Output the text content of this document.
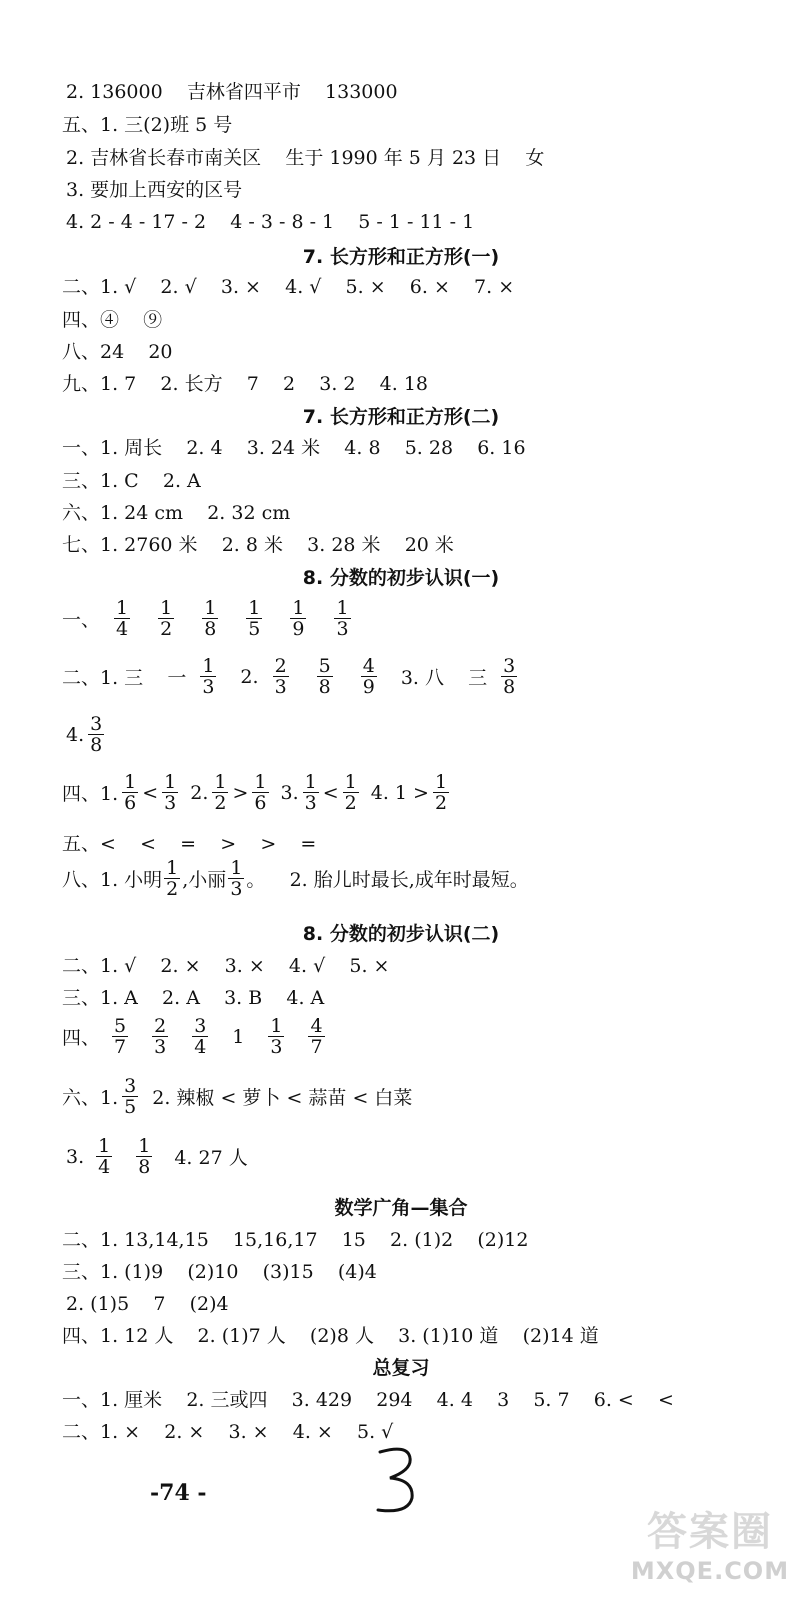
2. 136000    吉林省四平市    133000
五、1. 三(2)班 5 号
2. 吉林省长春市南关区    生于 1990 年 5 月 23 日    女
3. 要加上西安的区号
4. 2 - 4 - 17 - 2    4 - 3 - 8 - 1    5 - 1 - 11 - 1
7. 长方形和正方形(一)
二、1. √    2. √    3. ×    4. √    5. ×    6. ×    7. ×
四、④    ⑨
八、24    20
九、1. 7    2. 长方    7    2    3. 2    4. 18
7. 长方形和正方形(二)
一、1. 周长    2. 4    3. 24 米    4. 8    5. 28    6. 16
三、1. C    2. A
六、1. 24 cm    2. 32 cm
七、1. 2760 米    2. 8 米    3. 28 米    20 米
8. 分数的初步认识(一)
一、 $\frac{1}{4} \frac{1}{2} \frac{1}{8} \frac{1}{5} \frac{1}{9} \frac{1}{3}$
二、1. 三    一 $\frac{1}{3} 2$. $\frac{2}{3} \frac{5}{8} \frac{4}{9} 3$. 八    三 $\frac{3}{8}$
4. $\frac{3}{8}$
四、1. $\frac{1}{6} < \frac{1}{3} 2$. $\frac{1}{2} > \frac{1}{6} 3$. $\frac{1}{3} < \frac{1}{2} 4$. $1 > \frac{1}{2}$
五、<    <    =    >    >    =
八、1. 小明 $\frac{1}{2}$ ,小丽 $\frac{1}{3}$ 。    2. 胎儿时最长,成年时最短。
8. 分数的初步认识(二)
二、1. √    2. ×    3. ×    4. √    5. ×
三、1. A    2. A    3. B    4. A
四、 $\frac{5}{7} \frac{2}{3} \frac{3}{4} 1 \frac{1}{3} \frac{4}{7}$
六、1. $\frac{3}{5} 2$. 辣椒 < 萝卜 < 蒜苗 < 白菜
3. $\frac{1}{4} \frac{1}{8} 4$. 27 人
数学广角—集合
二、1. 13,14,15    15,16,17    15    2. (1)2    (2)12
三、1. (1)9    (2)10    (3)15    (4)4
2. (1)5    7    (2)4
四、1. 12 人    2. (1)7 人    (2)8 人    3. (1)10 道    (2)14 道
总复习
一、1. 厘米    2. 三或四    3. 429    294    4. 4    3    5. 7    6. <    <
二、1. ×    2. ×    3. ×    4. ×    5. √
-74 -
答案圈
MXQE.COM
